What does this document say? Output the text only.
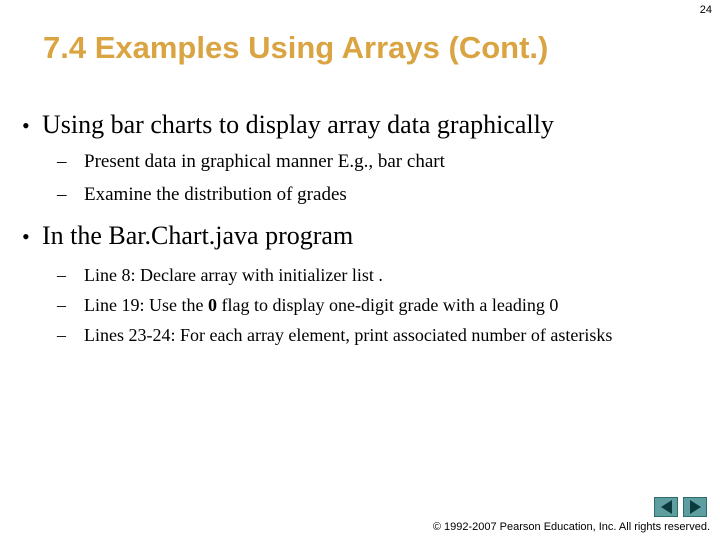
24
7.4 Examples Using Arrays (Cont.)
• Using bar charts to display array data graphically
– Present data in graphical manner E.g., bar chart
– Examine the distribution of grades
• In the Bar.Chart.java program
–	Line 8: Declare array with initializer list .
–	Line 19: Use the 0 flag to display one-digit grade with a leading 0
–	Lines 23-24: For each array element, print associated number of asterisks
© 1992-2007 Pearson Education, Inc. All rights reserved.
